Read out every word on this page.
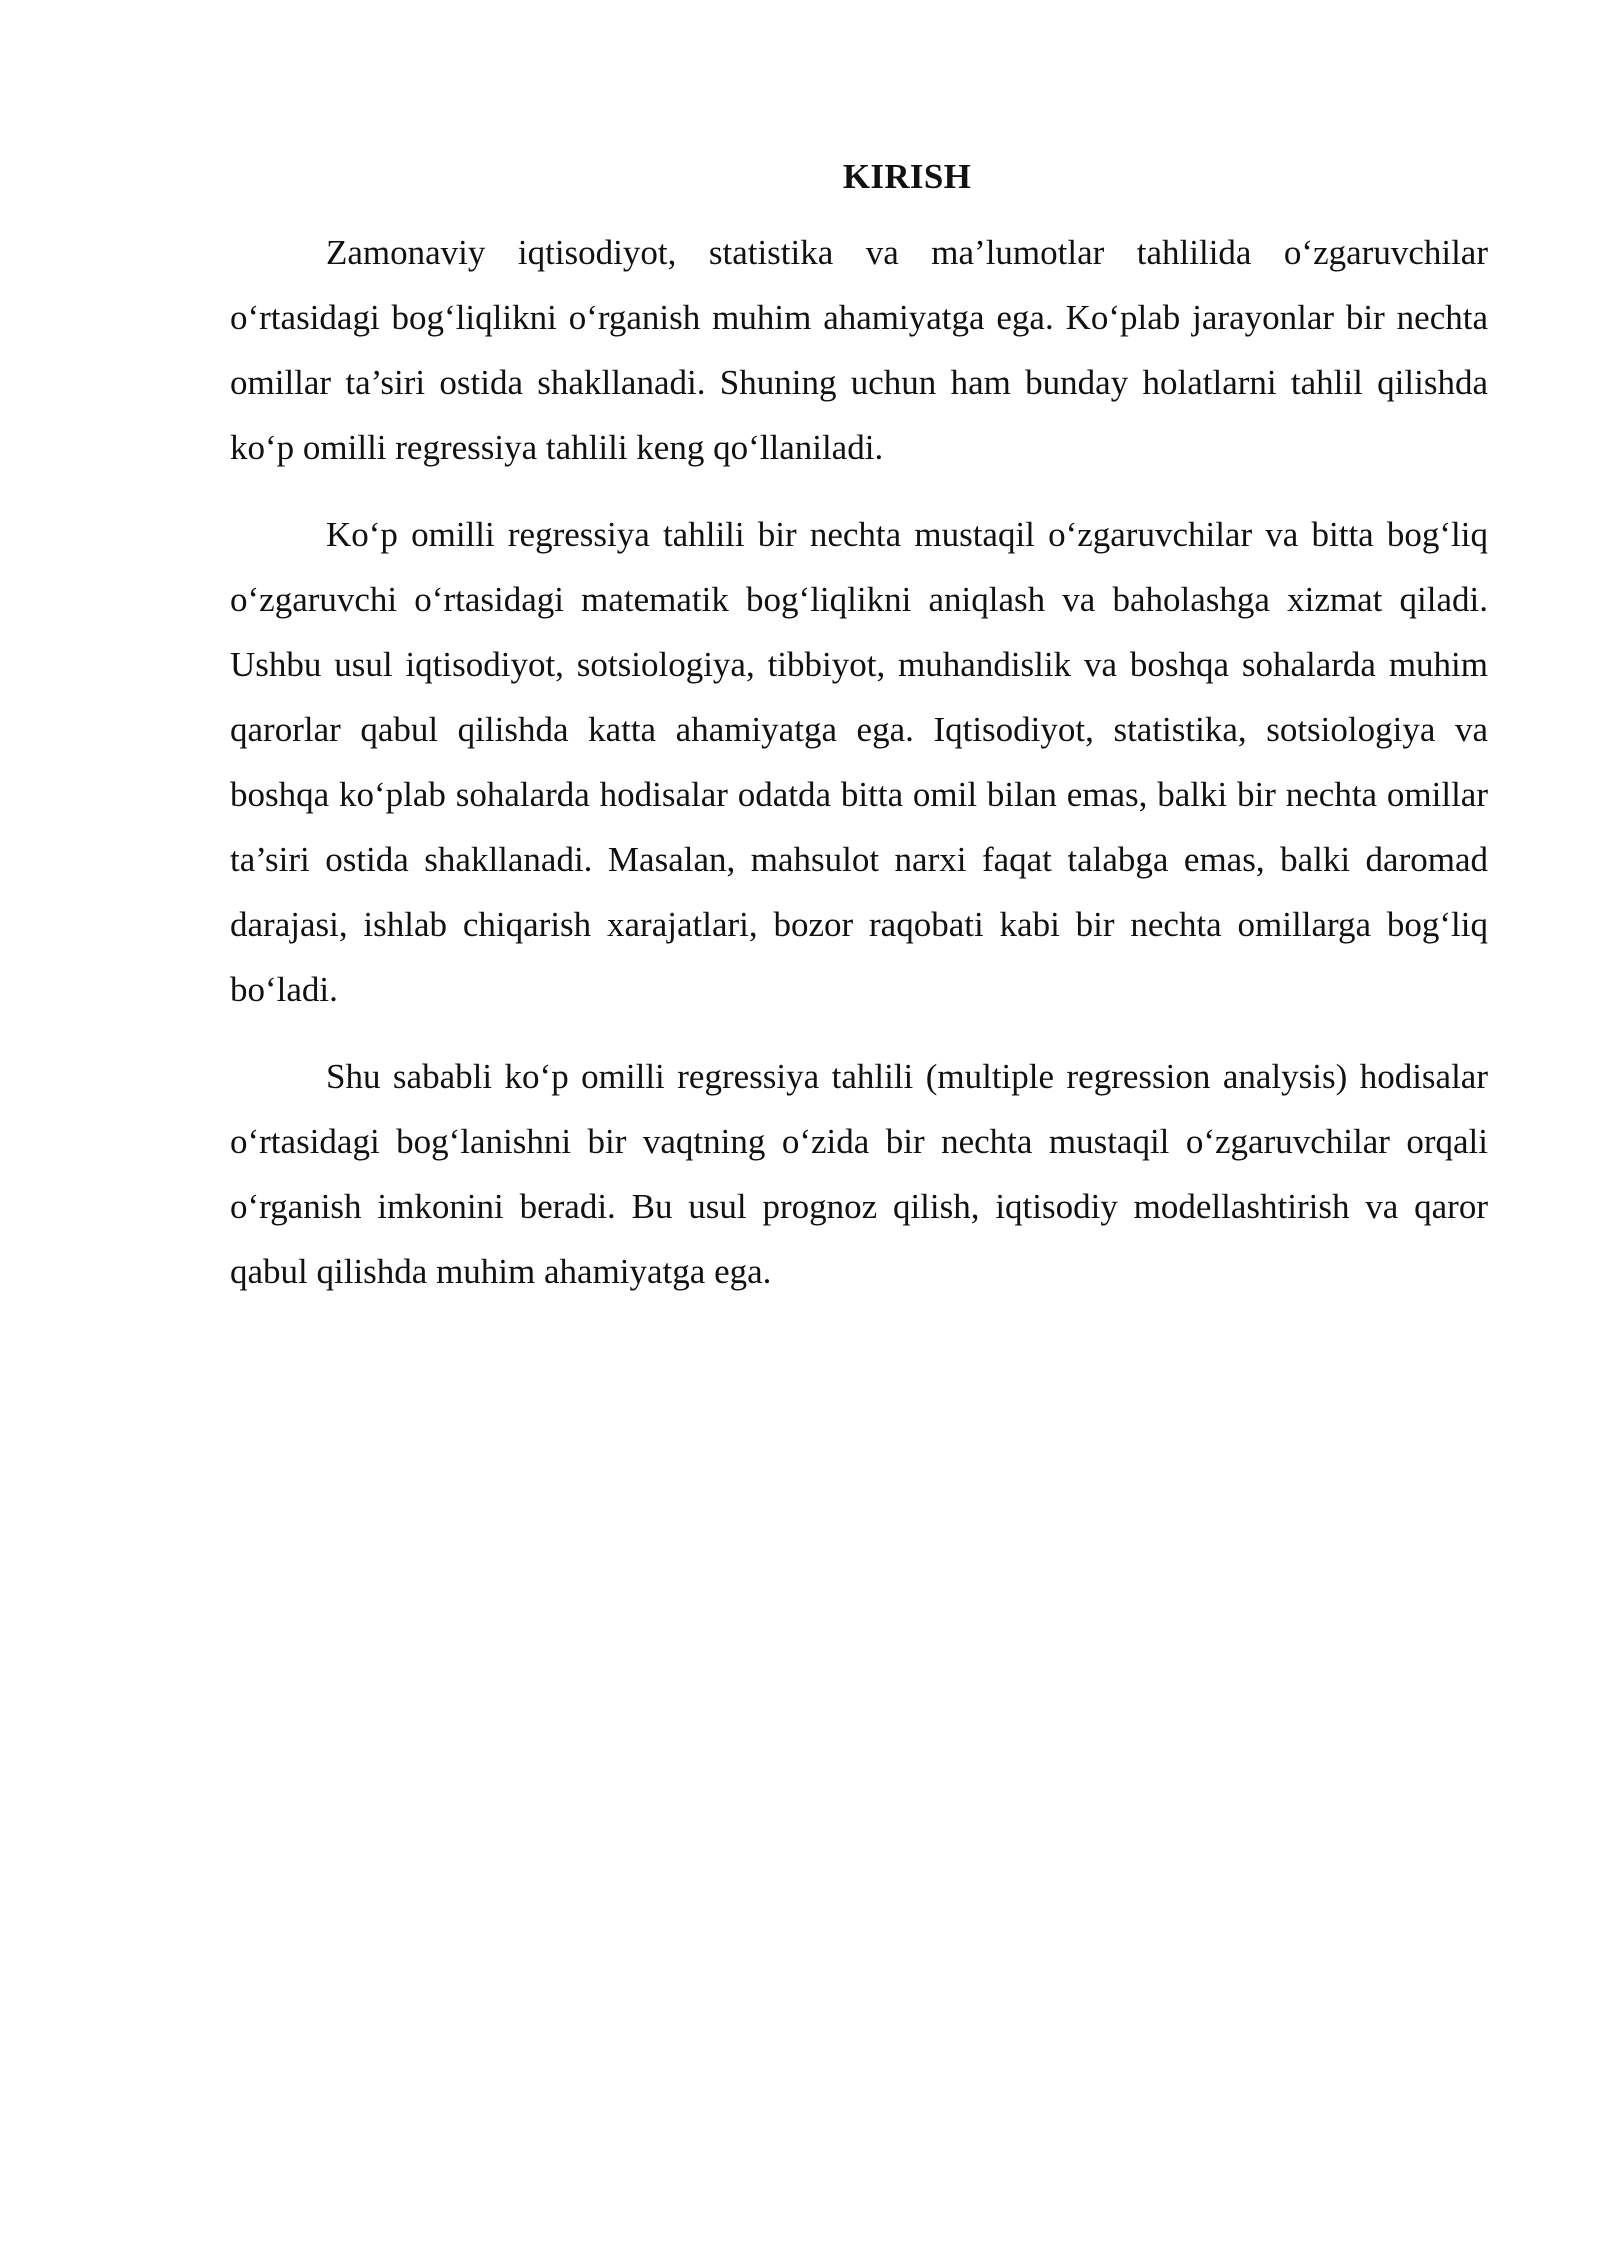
KIRISH

Zamonaviy iqtisodiyot, statistika va ma’lumotlar tahlilida o‘zgaruvchilar o‘rtasidagi bog‘liqlikni o‘rganish muhim ahamiyatga ega. Ko‘plab jarayonlar bir nechta omillar ta’siri ostida shakllanadi. Shuning uchun ham bunday holatlarni tahlil qilishda ko‘p omilli regressiya tahlili keng qo‘llaniladi.

Ko‘p omilli regressiya tahlili bir nechta mustaqil o‘zgaruvchilar va bitta bog‘liq o‘zgaruvchi o‘rtasidagi matematik bog‘liqlikni aniqlash va baholashga xizmat qiladi. Ushbu usul iqtisodiyot, sotsiologiya, tibbiyot, muhandislik va boshqa sohalarda muhim qarorlar qabul qilishda katta ahamiyatga ega. Iqtisodiyot, statistika, sotsiologiya va boshqa ko‘plab sohalarda hodisalar odatda bitta omil bilan emas, balki bir nechta omillar ta’siri ostida shakllanadi. Masalan, mahsulot narxi faqat talabga emas, balki daromad darajasi, ishlab chiqarish xarajatlari, bozor raqobati kabi bir nechta omillarga bog‘liq bo‘ladi.

Shu sababli ko‘p omilli regressiya tahlili (multiple regression analysis) hodisalar o‘rtasidagi bog‘lanishni bir vaqtning o‘zida bir nechta mustaqil o‘zgaruvchilar orqali o‘rganish imkonini beradi. Bu usul prognoz qilish, iqtisodiy modellashtirish va qaror qabul qilishda muhim ahamiyatga ega.
